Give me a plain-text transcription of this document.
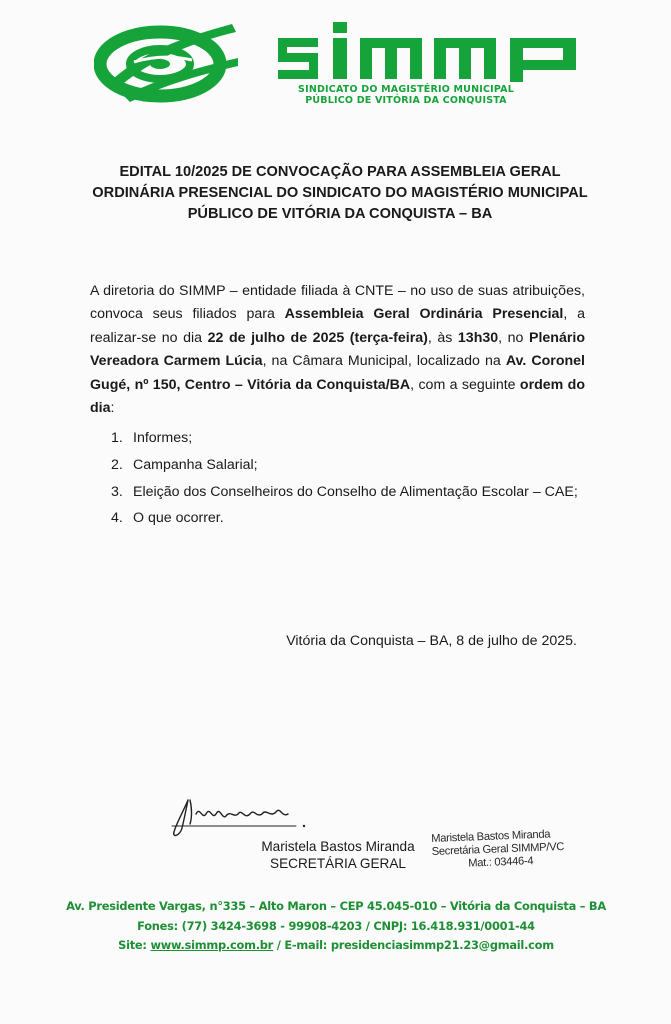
SINDICATO DO MAGISTÉRIO MUNICIPAL
PÚBLICO DE VITÓRIA DA CONQUISTA
EDITAL 10/2025 DE CONVOCAÇÃO PARA ASSEMBLEIA GERAL
ORDINÁRIA PRESENCIAL DO SINDICATO DO MAGISTÉRIO MUNICIPAL
PÚBLICO DE VITÓRIA DA CONQUISTA – BA
A diretoria do SIMMP – entidade filiada à CNTE – no uso de suas atribuições, convoca seus filiados para Assembleia Geral Ordinária Presencial, a realizar-se no dia 22 de julho de 2025 (terça-feira), às 13h30, no Plenário Vereadora Carmem Lúcia, na Câmara Municipal, localizado na Av. Coronel Gugé, nº 150, Centro – Vitória da Conquista/BA, com a seguinte ordem do dia:
1. Informes;
2. Campanha Salarial;
3. Eleição dos Conselheiros do Conselho de Alimentação Escolar – CAE;
4. O que ocorrer.
Vitória da Conquista – BA, 8 de julho de 2025.
Maristela Bastos Miranda
SECRETÁRIA GERAL
Maristela Bastos Miranda
Secretária Geral SIMMP/VC
Mat.: 03446-4
Av. Presidente Vargas, n°335 – Alto Maron – CEP 45.045-010 – Vitória da Conquista – BA
Fones: (77) 3424-3698 - 99908-4203 / CNPJ: 16.418.931/0001-44
Site: www.simmp.com.br / E-mail: presidenciasimmp21.23@gmail.com
